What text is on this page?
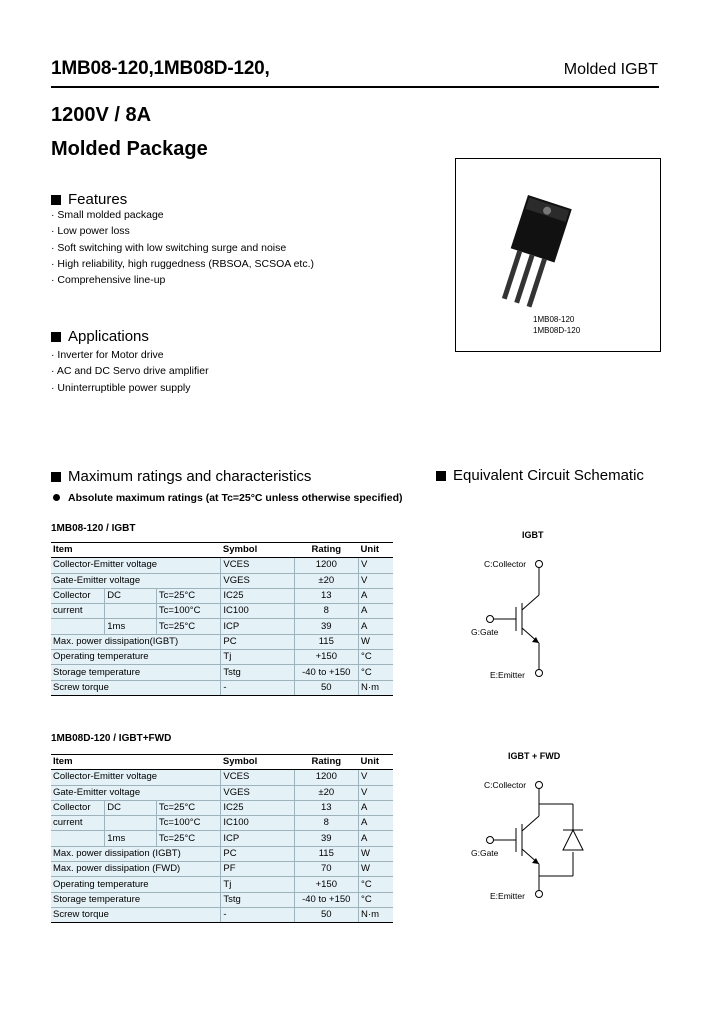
1MB08-120,1MB08D-120,	Molded IGBT
1200V / 8A
Molded Package
Features
· Small molded package
· Low power loss
· Soft switching with low switching surge and noise
· High reliability, high ruggedness (RBSOA, SCSOA etc.)
· Comprehensive line-up
Applications
· Inverter for Motor drive
· AC and DC Servo drive amplifier
· Uninterruptible power supply
1MB08-120
1MB08D-120
Maximum ratings and characteristics
Absolute maximum ratings (at Tc=25°C unless otherwise specified)
1MB08-120 / IGBT
Item			Symbol	Rating	Unit
Collector-Emitter voltage			VCES	1200	V
Gate-Emitter voltage			VGES	±20	V
Collector	DC	Tc=25°C	IC25	13	A
current		Tc=100°C	IC100	8	A
	1ms	Tc=25°C	ICP	39	A
Max. power dissipation(IGBT)			PC	115	W
Operating temperature			Tj	+150	°C
Storage temperature			Tstg	-40 to +150	°C
Screw torque			-	50	N·m
1MB08D-120 / IGBT+FWD
Item			Symbol	Rating	Unit
Collector-Emitter voltage			VCES	1200	V
Gate-Emitter voltage			VGES	±20	V
Collector	DC	Tc=25°C	IC25	13	A
current		Tc=100°C	IC100	8	A
	1ms	Tc=25°C	ICP	39	A
Max. power dissipation (IGBT)			PC	115	W
Max. power dissipation (FWD)			PF	70	W
Operating temperature			Tj	+150	°C
Storage temperature			Tstg	-40 to +150	°C
Screw torque			-	50	N·m
Equivalent Circuit Schematic
IGBT
C:Collector
G:Gate
E:Emitter
IGBT + FWD
C:Collector
G:Gate
E:Emitter
